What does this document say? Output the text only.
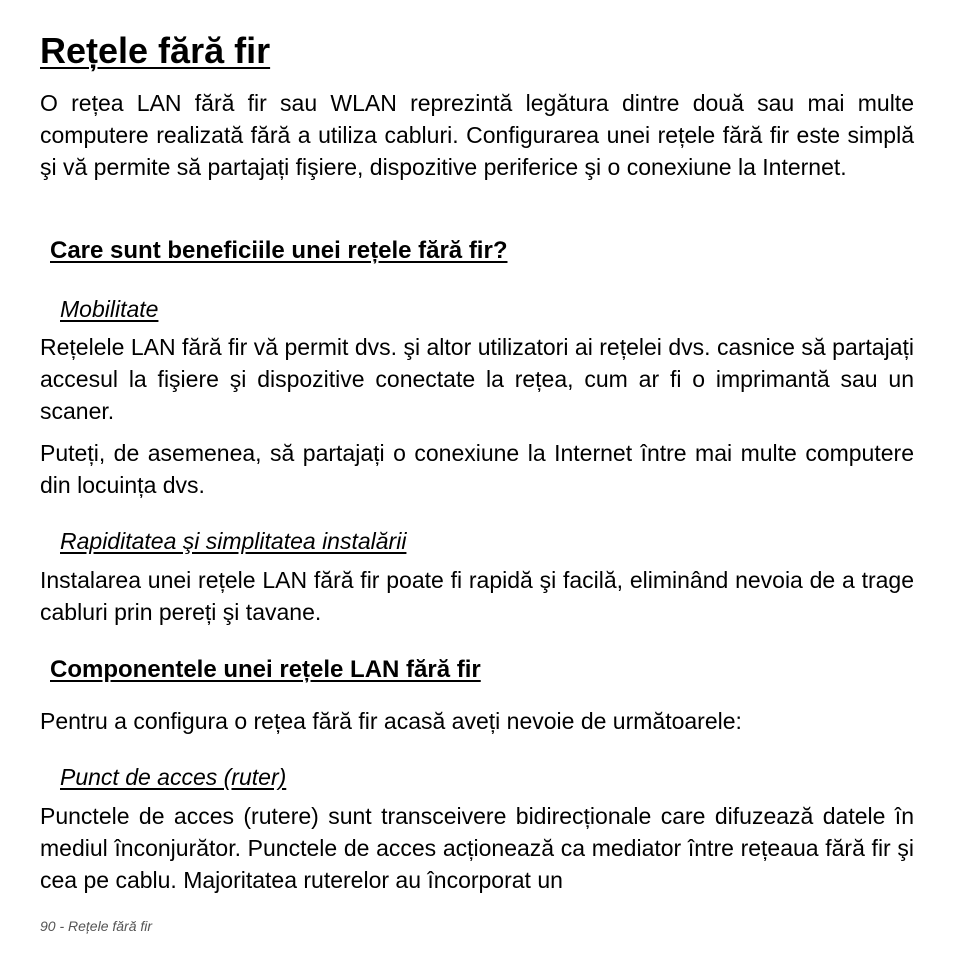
Rețele fără fir

O rețea LAN fără fir sau WLAN reprezintă legătura dintre două sau mai multe computere realizată fără a utiliza cabluri. Configurarea unei rețele fără fir este simplă şi vă permite să partajați fişiere, dispozitive periferice şi o conexiune la Internet.

Care sunt beneficiile unei rețele fără fir?
Mobilitate

Rețelele LAN fără fir vă permit dvs. şi altor utilizatori ai rețelei dvs. casnice să partajați accesul la fişiere şi dispozitive conectate la rețea, cum ar fi o imprimantă sau un scaner.

Puteți, de asemenea, să partajați o conexiune la Internet între mai multe computere din locuința dvs.

Rapiditatea şi simplitatea instalării

Instalarea unei rețele LAN fără fir poate fi rapidă şi facilă, eliminând nevoia de a trage cabluri prin pereți şi tavane.

Componentele unei rețele LAN fără fir

Pentru a configura o rețea fără fir acasă aveți nevoie de următoarele:

Punct de acces (ruter)

Punctele de acces (rutere) sunt transceivere bidirecționale care difuzează datele în mediul înconjurător. Punctele de acces acționează ca mediator între rețeaua fără fir şi cea pe cablu. Majoritatea ruterelor au încorporat un

90 - Rețele fără fir
